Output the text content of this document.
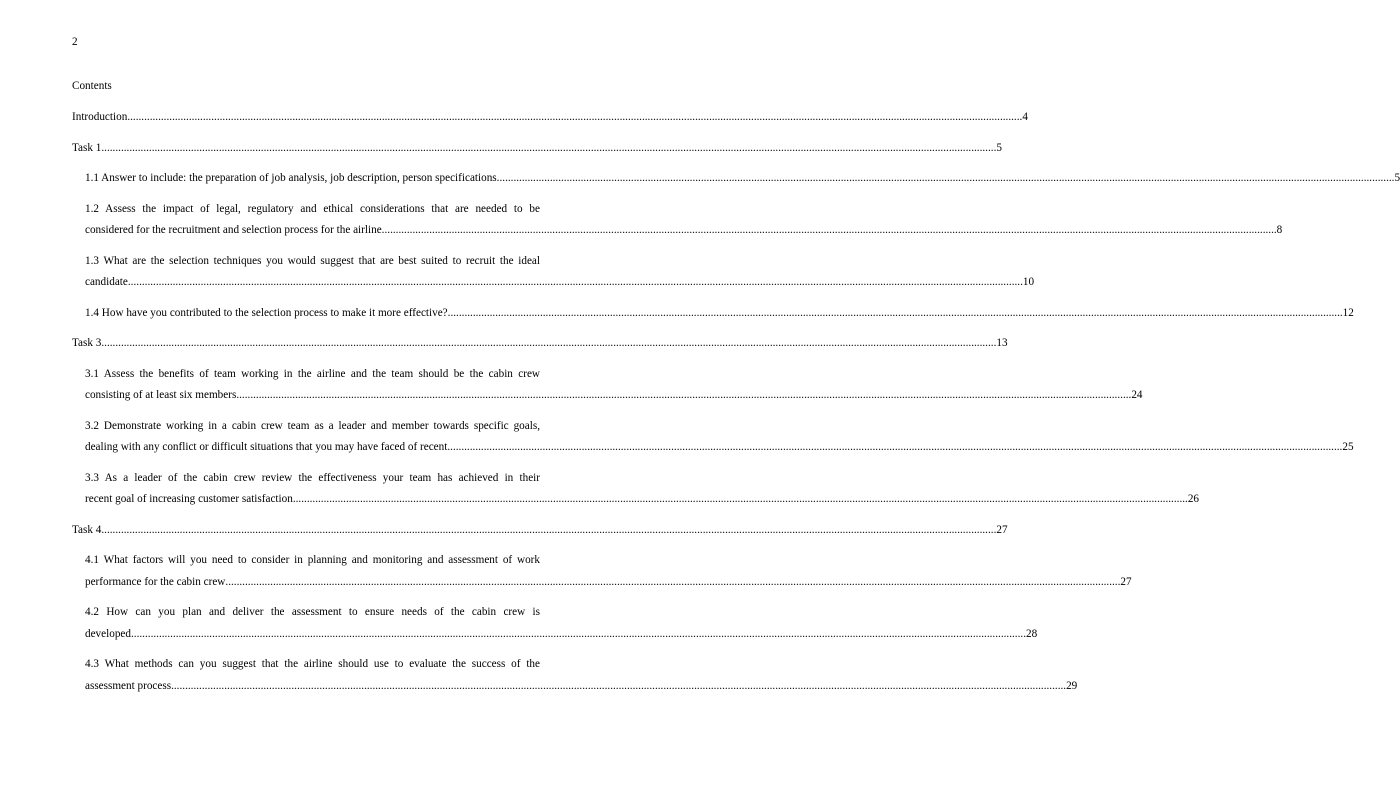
2
Contents
Introduction .....	4
Task 1 .....	5
1.1 Answer to include: the preparation of job analysis, job description, person specifications. .....	5
1.2 Assess the impact of legal, regulatory and ethical considerations that are needed to be
considered for the recruitment and selection process for the airline .....	8
1.3 What are the selection techniques you would suggest that are best suited to recruit the ideal
candidate .....	10
1.4 How have you contributed to the selection process to make it more effective? .....	12
Task 3 .....	13
3.1 Assess the benefits of team working in the airline and the team should be the cabin crew
consisting of at least six members .....	24
3.2 Demonstrate working in a cabin crew team as a leader and member towards specific goals,
dealing with any conflict or difficult situations that you may have faced of recent .....	25
3.3 As a leader of the cabin crew review the effectiveness your team has achieved in their
recent goal of increasing customer satisfaction .....	26
Task 4 .....	27
4.1 What factors will you need to consider in planning and monitoring and assessment of work
performance for the cabin crew .....	27
4.2 How can you plan and deliver the assessment to ensure needs of the cabin crew is
developed .....	28
4.3 What methods can you suggest that the airline should use to evaluate the success of the
assessment process .....	29
